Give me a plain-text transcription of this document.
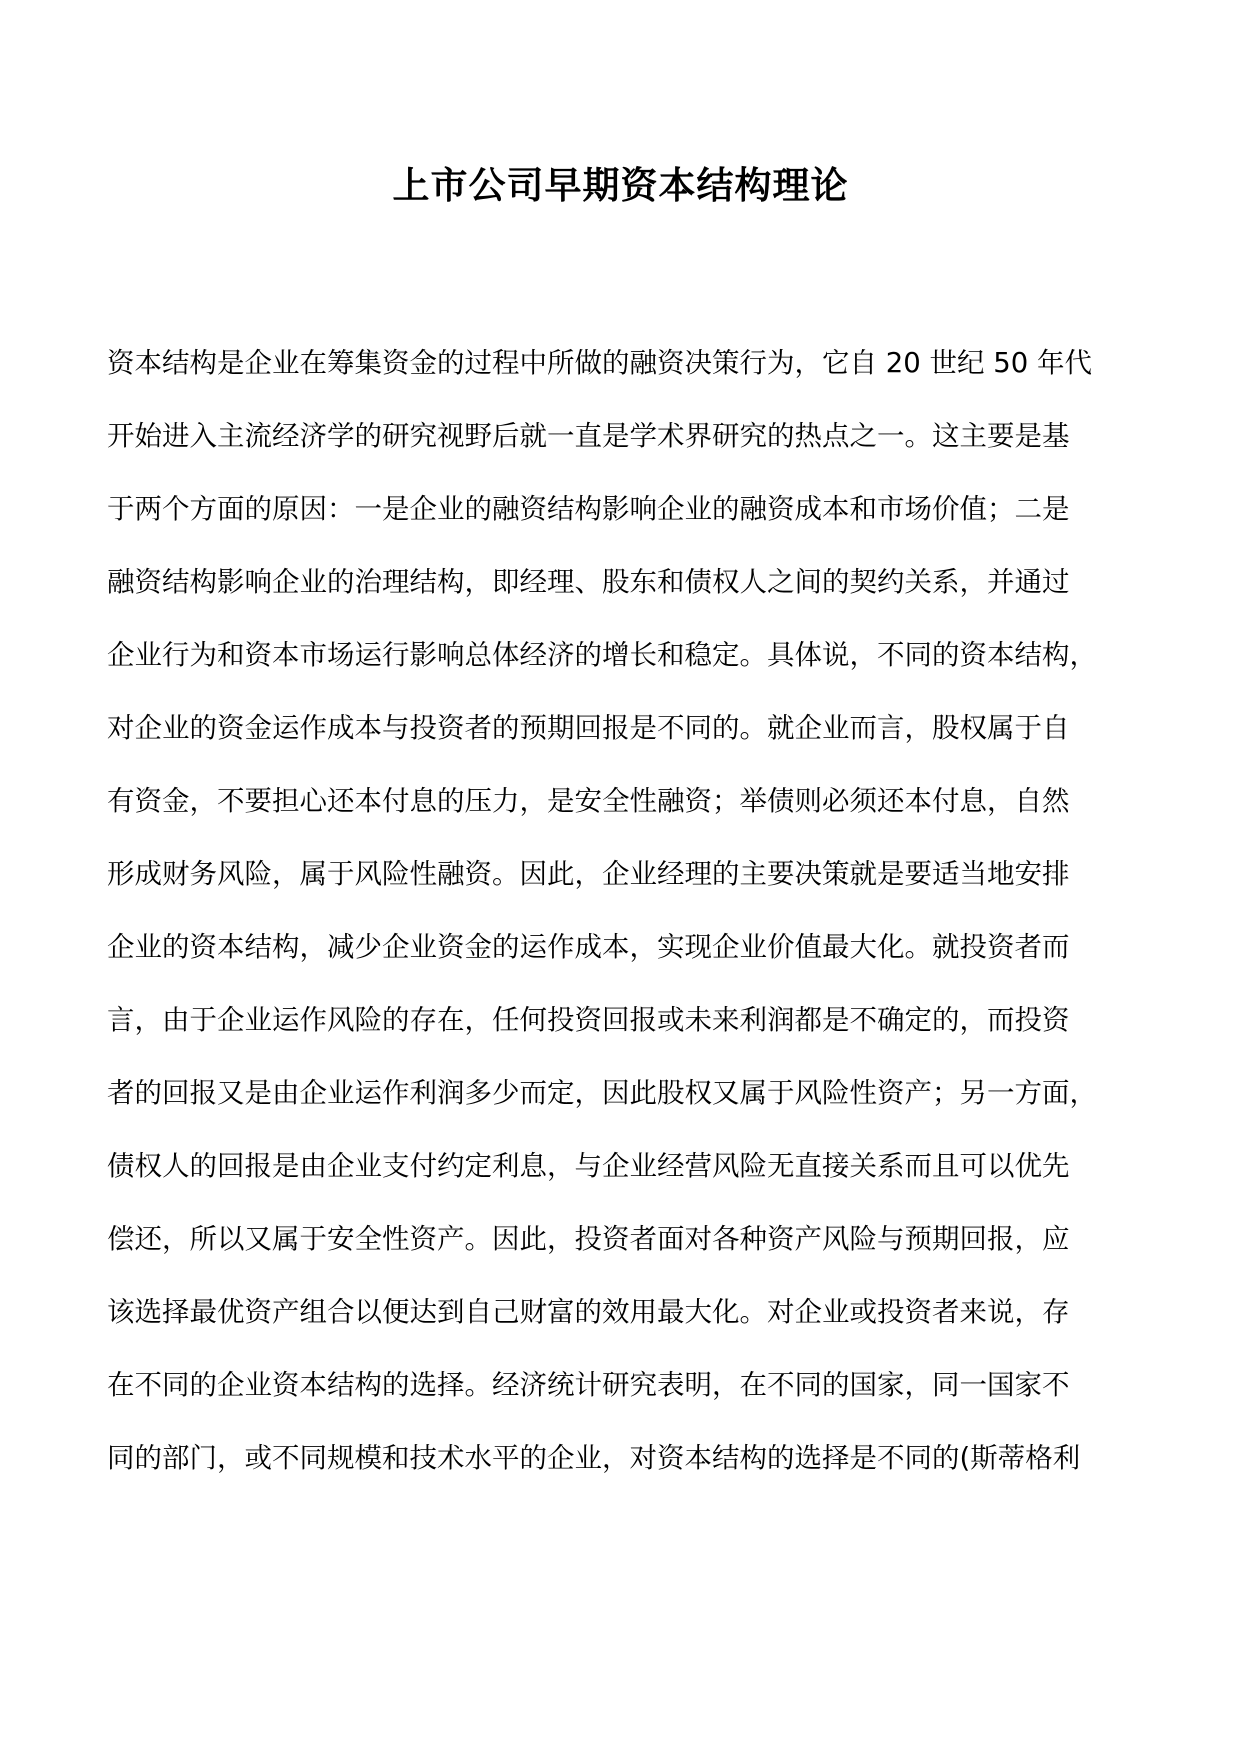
上市公司早期资本结构理论
资本结构是企业在筹集资金的过程中所做的融资决策行为，它自 20 世纪 50 年代
开始进入主流经济学的研究视野后就一直是学术界研究的热点之一。这主要是基
于两个方面的原因：一是企业的融资结构影响企业的融资成本和市场价值；二是
融资结构影响企业的治理结构，即经理、股东和债权人之间的契约关系，并通过
企业行为和资本市场运行影响总体经济的增长和稳定。具体说，不同的资本结构，
对企业的资金运作成本与投资者的预期回报是不同的。就企业而言，股权属于自
有资金，不要担心还本付息的压力，是安全性融资；举债则必须还本付息，自然
形成财务风险，属于风险性融资。因此，企业经理的主要决策就是要适当地安排
企业的资本结构，减少企业资金的运作成本，实现企业价值最大化。就投资者而
言，由于企业运作风险的存在，任何投资回报或未来利润都是不确定的，而投资
者的回报又是由企业运作利润多少而定，因此股权又属于风险性资产；另一方面，
债权人的回报是由企业支付约定利息，与企业经营风险无直接关系而且可以优先
偿还，所以又属于安全性资产。因此，投资者面对各种资产风险与预期回报，应
该选择最优资产组合以便达到自己财富的效用最大化。对企业或投资者来说，存
在不同的企业资本结构的选择。经济统计研究表明，在不同的国家，同一国家不
同的部门，或不同规模和技术水平的企业，对资本结构的选择是不同的(斯蒂格利
